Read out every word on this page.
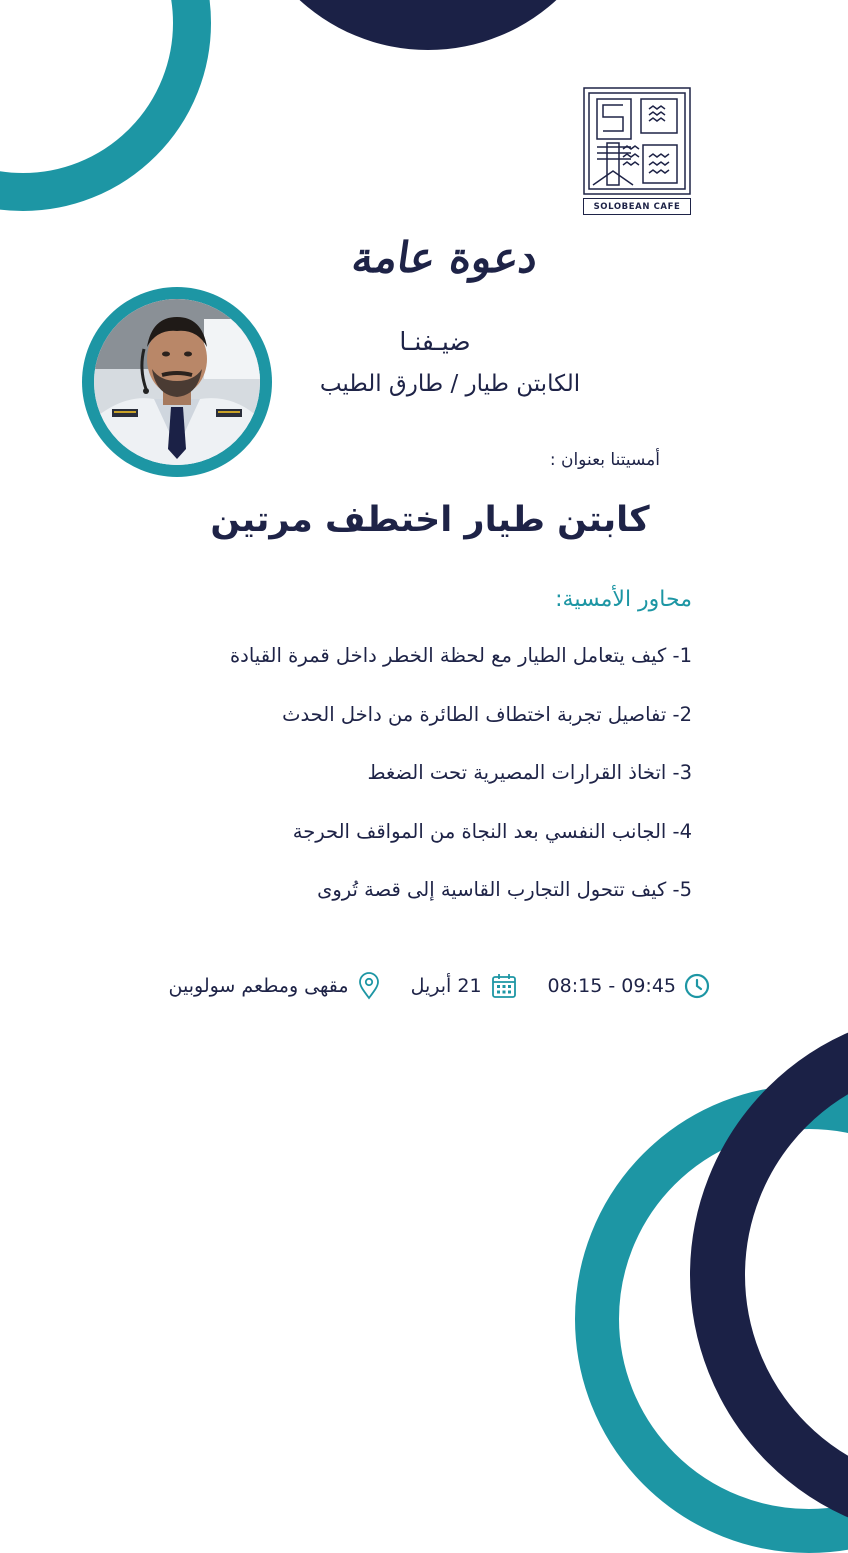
SOLOBEAN CAFE
دعوة عامة
ضيـفنـا
الكابتن طيار / طارق الطيب
أمسيتنا بعنوان :
كابتن طيار اختطف مرتين
محاور الأمسية:
1- كيف يتعامل الطيار مع لحظة الخطر داخل قمرة القيادة
2- تفاصيل تجربة اختطاف الطائرة من داخل الحدث
3- اتخاذ القرارات المصيرية تحت الضغط
4- الجانب النفسي بعد النجاة من المواقف الحرجة
5- كيف تتحول التجارب القاسية إلى قصة تُروى
08:15 - 09:45
21 أبريل
مقهى ومطعم سولوبين
